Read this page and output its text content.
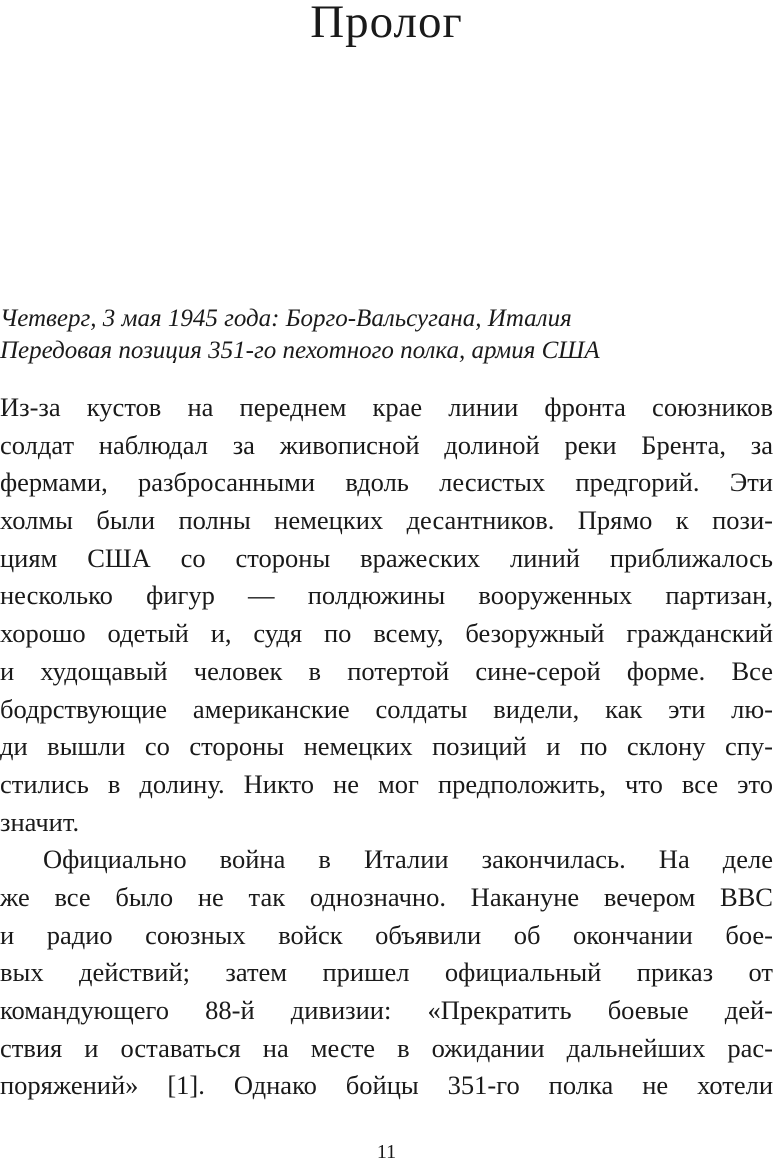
Пролог
Четверг, 3 мая 1945 года: Борго-Вальсугана, Италия
Передовая позиция 351-го пехотного полка, армия США
Из-за кустов на переднем крае линии фронта союзников
солдат наблюдал за живописной долиной реки Брента, за
фермами, разбросанными вдоль лесистых предгорий. Эти
холмы были полны немецких десантников. Прямо к пози-
циям США со стороны вражеских линий приближалось
несколько фигур — полдюжины вооруженных партизан,
хорошо одетый и, судя по всему, безоружный гражданский
и худощавый человек в потертой сине-серой форме. Все
бодрствующие американские солдаты видели, как эти лю-
ди вышли со стороны немецких позиций и по склону спу-
стились в долину. Никто не мог предположить, что все это
значит.
Официально война в Италии закончилась. На деле
же все было не так однозначно. Накануне вечером BBC
и радио союзных войск объявили об окончании бое-
вых действий; затем пришел официальный приказ от
командующего 88-й дивизии: «Прекратить боевые дей-
ствия и оставаться на месте в ожидании дальнейших рас-
поряжений» [1]. Однако бойцы 351-го полка не хотели
11
